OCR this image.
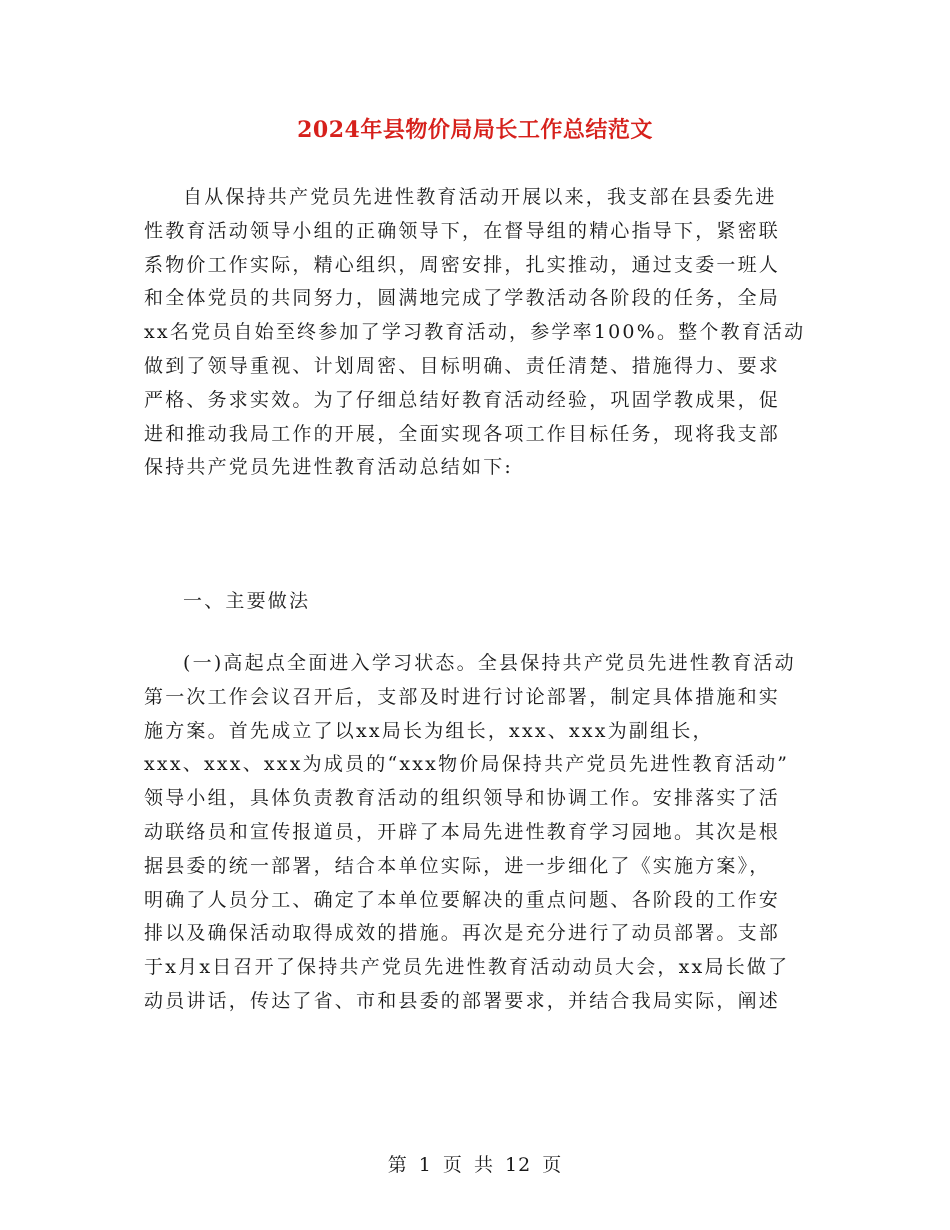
2024年县物价局局长工作总结范文
自从保持共产党员先进性教育活动开展以来，我支部在县委先进
性教育活动领导小组的正确领导下，在督导组的精心指导下，紧密联
系物价工作实际，精心组织，周密安排，扎实推动，通过支委一班人
和全体党员的共同努力，圆满地完成了学教活动各阶段的任务，全局
xx名党员自始至终参加了学习教育活动，参学率100%。整个教育活动
做到了领导重视、计划周密、目标明确、责任清楚、措施得力、要求
严格、务求实效。为了仔细总结好教育活动经验，巩固学教成果，促
进和推动我局工作的开展，全面实现各项工作目标任务，现将我支部
保持共产党员先进性教育活动总结如下:
一、主要做法
(一)高起点全面进入学习状态。全县保持共产党员先进性教育活动
第一次工作会议召开后，支部及时进行讨论部署，制定具体措施和实
施方案。首先成立了以xx局长为组长，xxx、xxx为副组长，
xxx、xxx、xxx为成员的“xxx物价局保持共产党员先进性教育活动”
领导小组，具体负责教育活动的组织领导和协调工作。安排落实了活
动联络员和宣传报道员，开辟了本局先进性教育学习园地。其次是根
据县委的统一部署，结合本单位实际，进一步细化了《实施方案》，
明确了人员分工、确定了本单位要解决的重点问题、各阶段的工作安
排以及确保活动取得成效的措施。再次是充分进行了动员部署。支部
于x月x日召开了保持共产党员先进性教育活动动员大会，xx局长做了
动员讲话，传达了省、市和县委的部署要求，并结合我局实际，阐述
第 1 页 共 12 页
